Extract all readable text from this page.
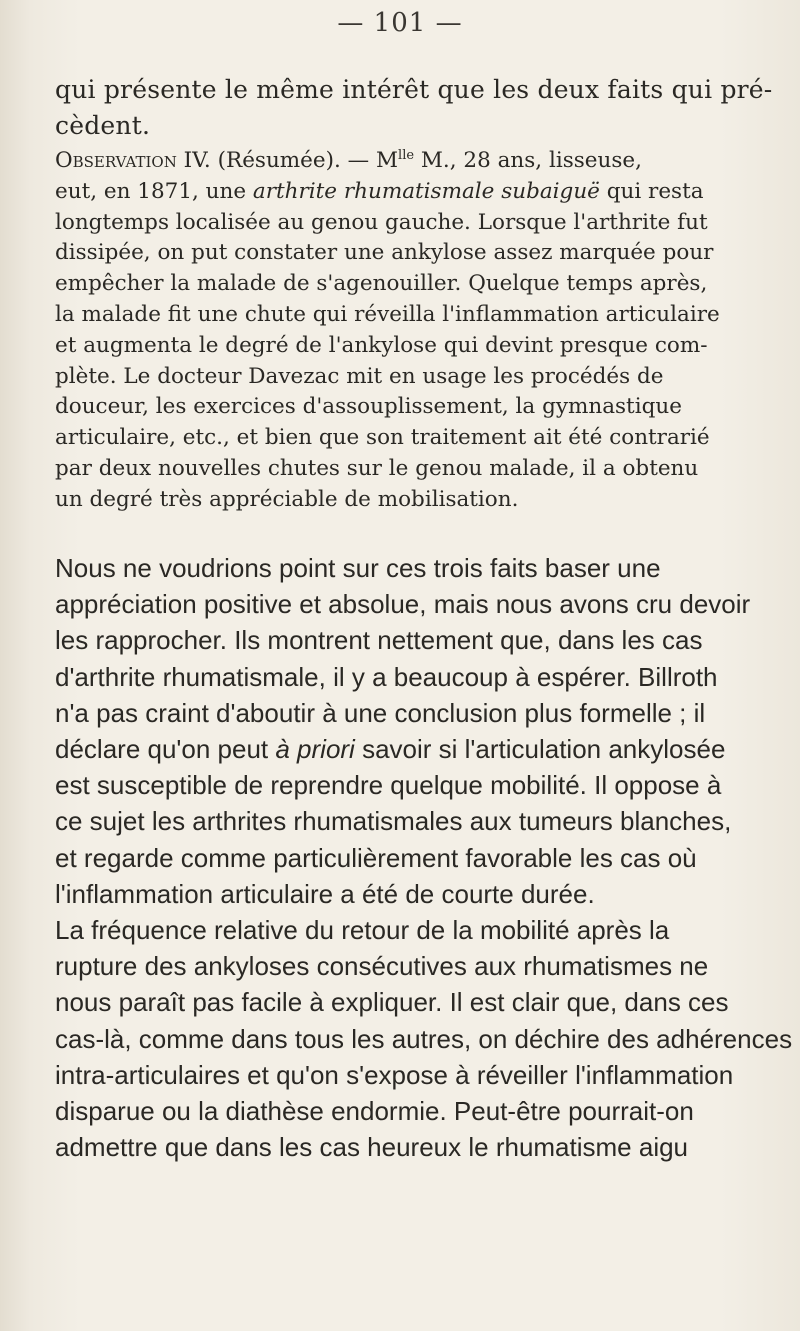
— 101 —
qui présente le même intérêt que les deux faits qui pré-
cèdent.
Observation IV. (Résumée). — $M^{lle}$ M., 28 ans, lisseuse,
eut, en 1871, une arthrite rhumatismale subaiguë qui resta
longtemps localisée au genou gauche. Lorsque l'arthrite fut
dissipée, on put constater une ankylose assez marquée pour
empêcher la malade de s'agenouiller. Quelque temps après,
la malade fit une chute qui réveilla l'inflammation articulaire
et augmenta le degré de l'ankylose qui devint presque com-
plète. Le docteur Davezac mit en usage les procédés de
douceur, les exercices d'assouplissement, la gymnastique
articulaire, etc., et bien que son traitement ait été contrarié
par deux nouvelles chutes sur le genou malade, il a obtenu
un degré très appréciable de mobilisation.
Nous ne voudrions point sur ces trois faits baser une
appréciation positive et absolue, mais nous avons cru devoir
les rapprocher. Ils montrent nettement que, dans les cas
d'arthrite rhumatismale, il y a beaucoup à espérer. Billroth
n'a pas craint d'aboutir à une conclusion plus formelle ; il
déclare qu'on peut à priori savoir si l'articulation ankylosée
est susceptible de reprendre quelque mobilité. Il oppose à
ce sujet les arthrites rhumatismales aux tumeurs blanches,
et regarde comme particulièrement favorable les cas où
l'inflammation articulaire a été de courte durée.
La fréquence relative du retour de la mobilité après la
rupture des ankyloses consécutives aux rhumatismes ne
nous paraît pas facile à expliquer. Il est clair que, dans ces
cas-là, comme dans tous les autres, on déchire des adhérences
intra-articulaires et qu'on s'expose à réveiller l'inflammation
disparue ou la diathèse endormie. Peut-être pourrait-on
admettre que dans les cas heureux le rhumatisme aigu
